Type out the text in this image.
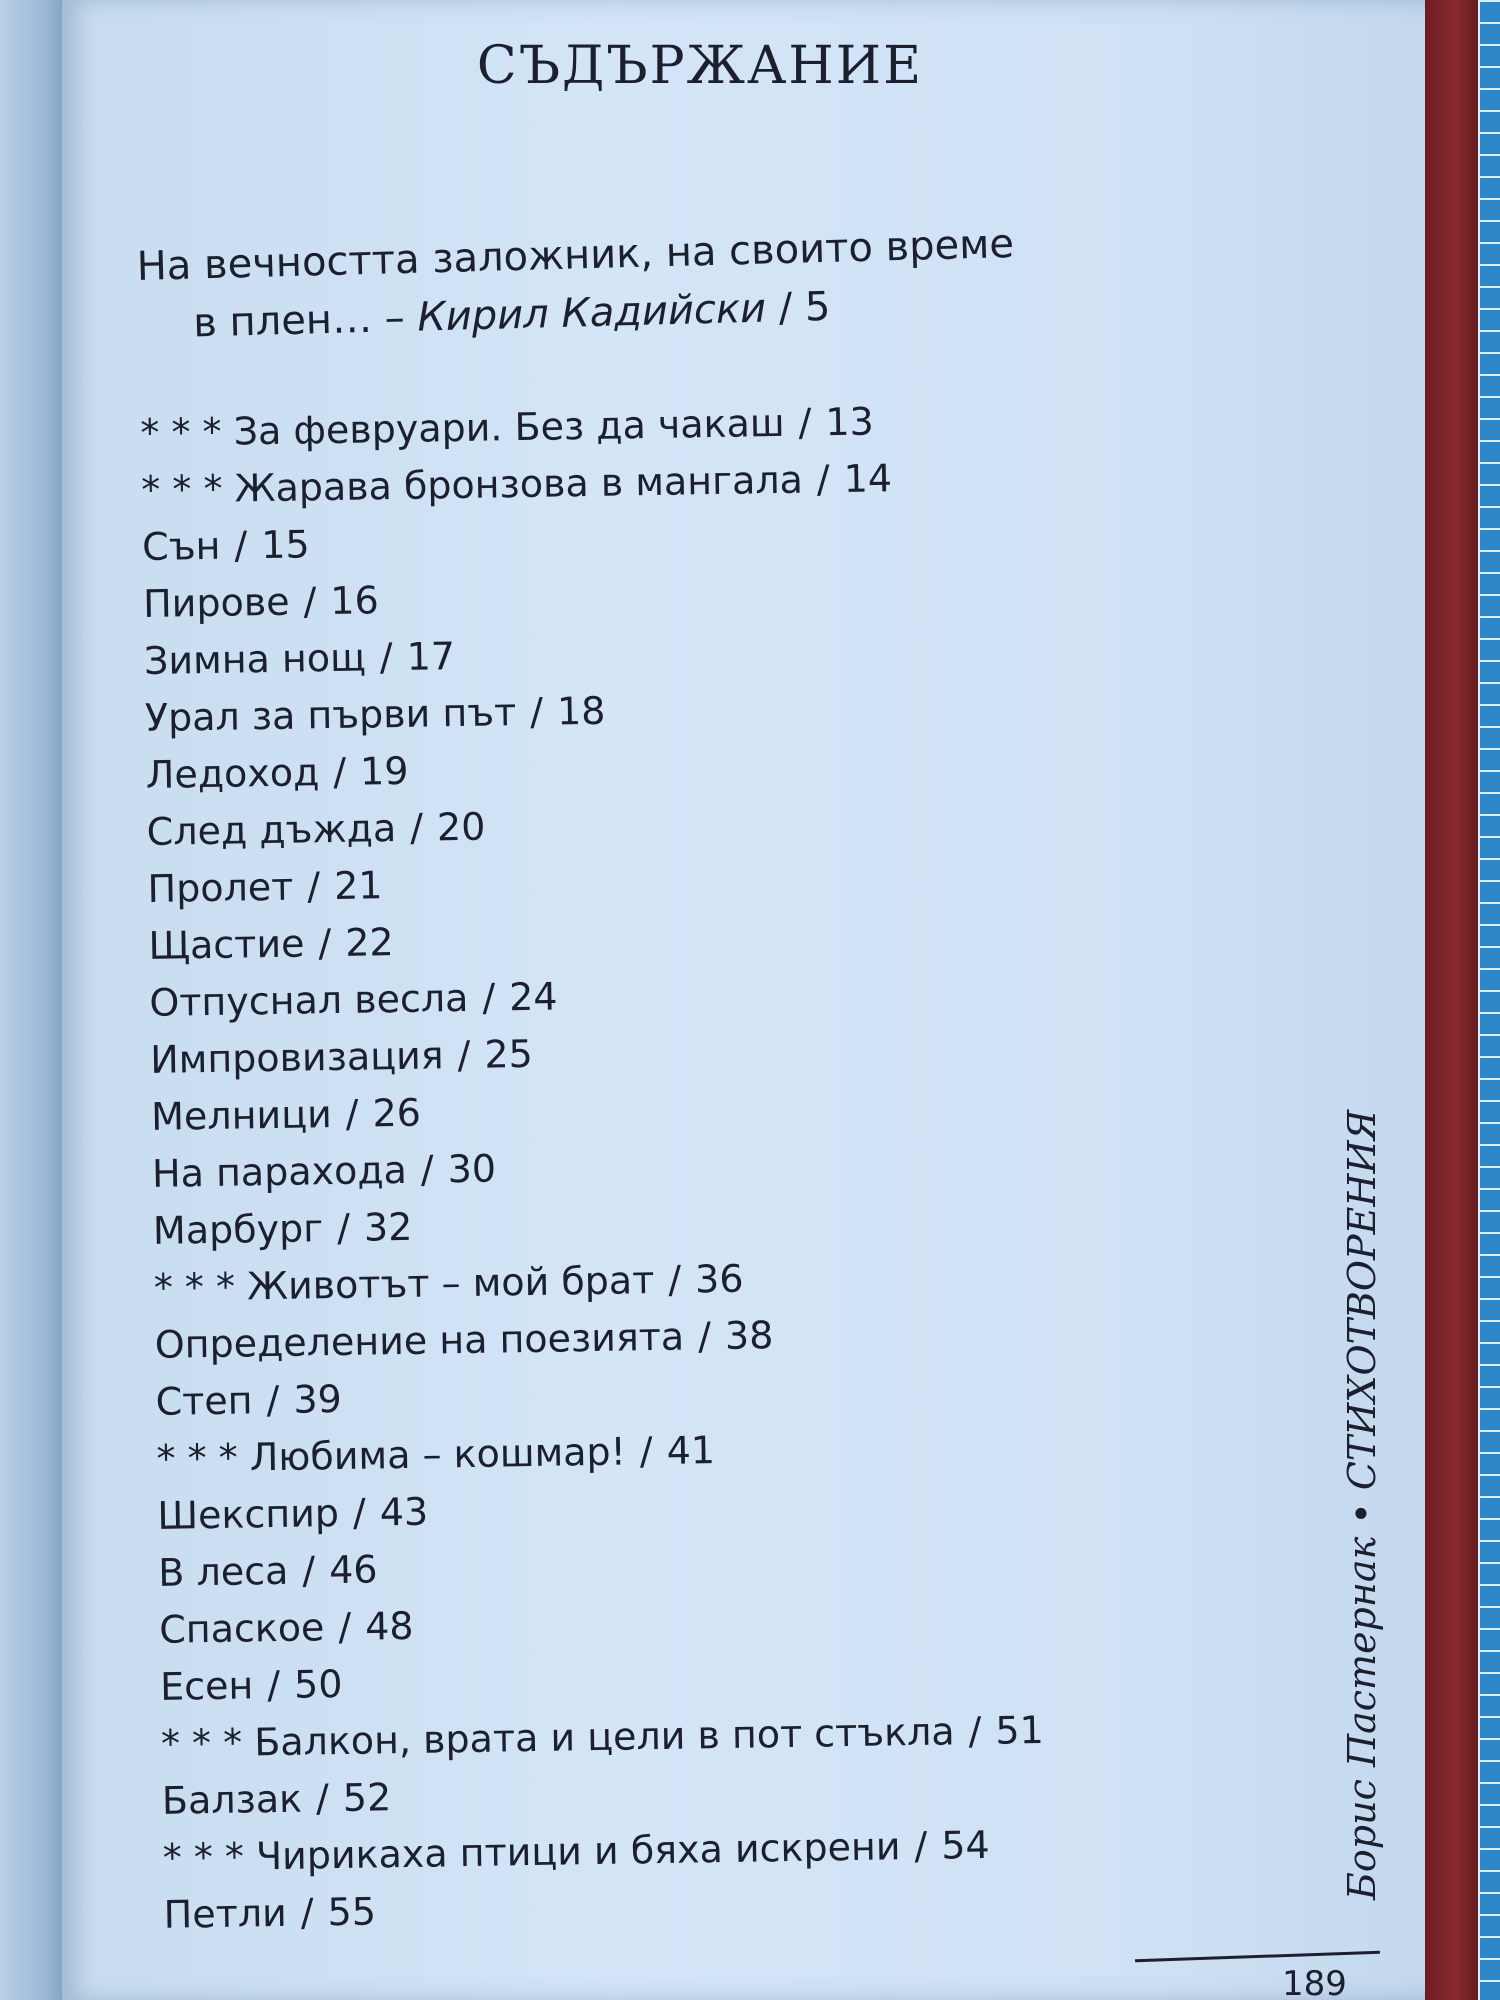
СЪДЪРЖАНИЕ
На вечността заложник, на своито време
в плен… – Кирил Кадийски / 5
* * * За февруари. Без да чакаш / 13
* * * Жарава бронзова в мангала / 14
Сън / 15
Пирове / 16
Зимна нощ / 17
Урал за първи път / 18
Ледоход / 19
След дъжда / 20
Пролет / 21
Щастие / 22
Отпуснал весла / 24
Импровизация / 25
Мелници / 26
На парахода / 30
Марбург / 32
* * * Животът – мой брат / 36
Определение на поезията / 38
Степ / 39
* * * Любима – кошмар! / 41
Шекспир / 43
В леса / 46
Спаское / 48
Есен / 50
* * * Балкон, врата и цели в пот стъкла / 51
Балзак / 52
* * * Чирикаха птици и бяха искрени / 54
Петли / 55
Борис Пастернак • СТИХОТВОРЕНИЯ
189
